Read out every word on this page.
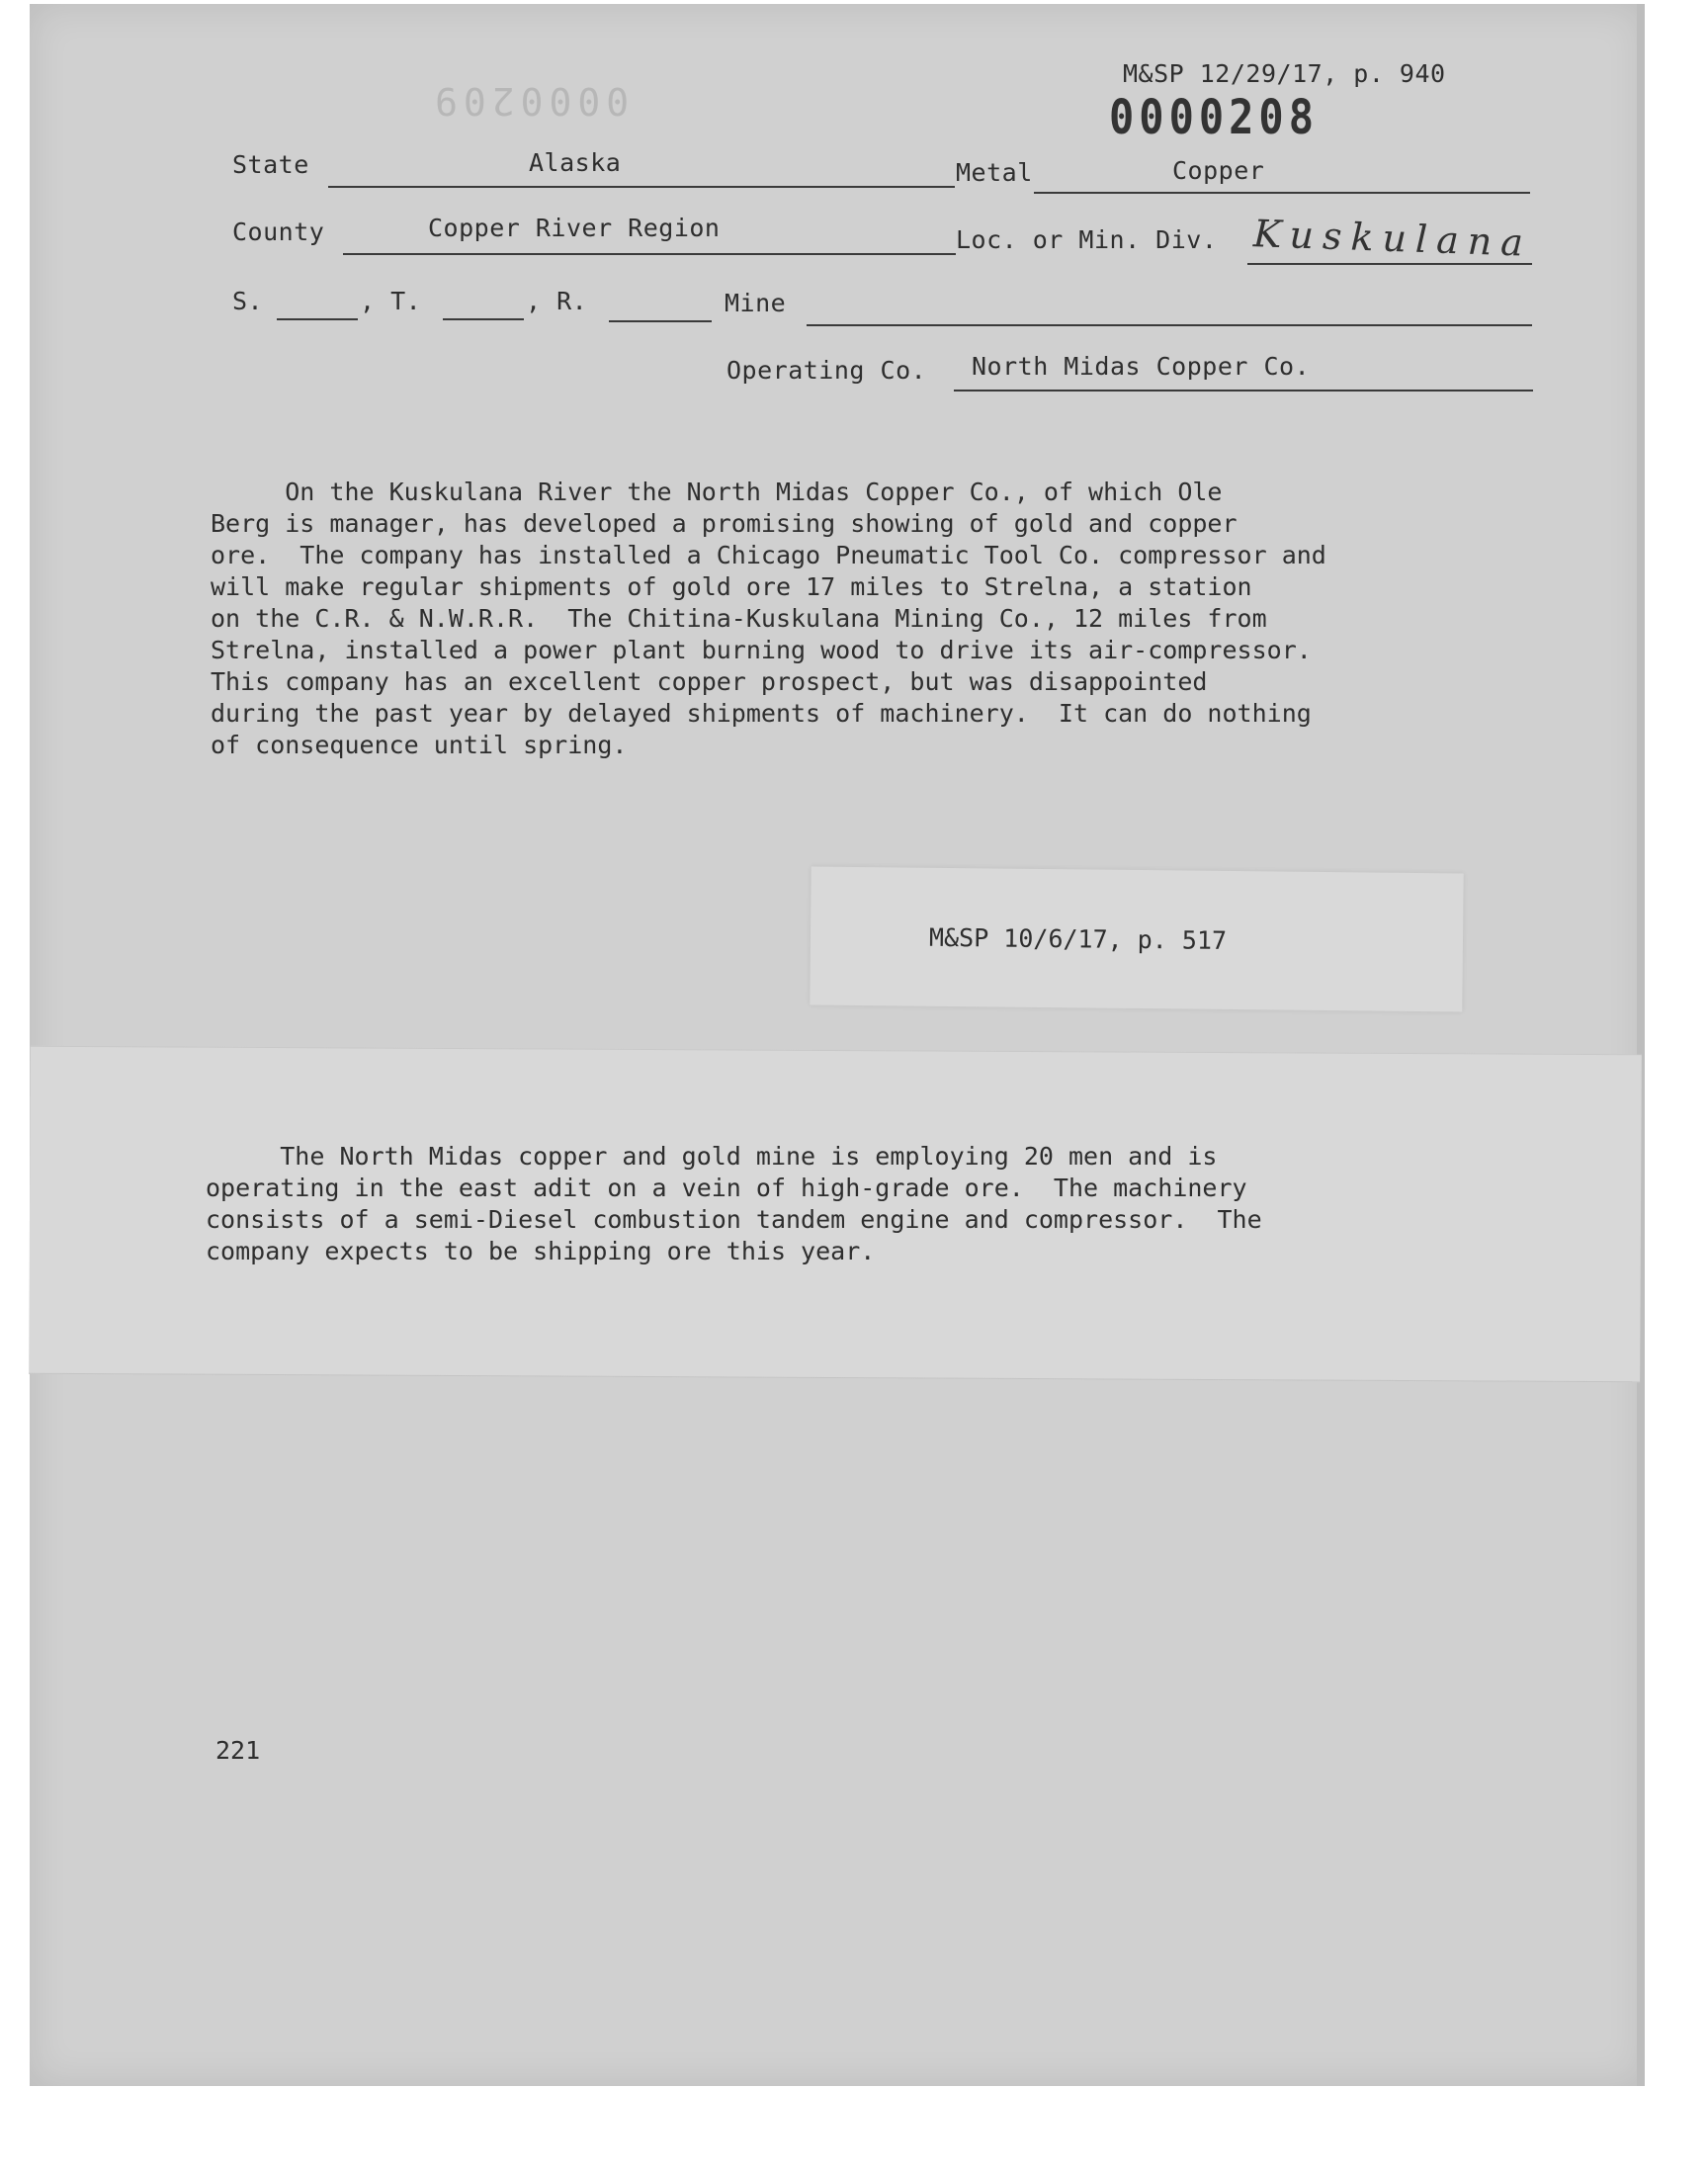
M&SP 12/29/17, p. 940
0000209	0000208
State	Alaska	Metal	Copper
County	Copper River Region	Loc. or Min. Div. Kuskulana
S.	, T.	, R.	Mine
Operating Co. North Midas Copper Co.
On the Kuskulana River the North Midas Copper Co., of which Ole
Berg is manager, has developed a promising showing of gold and copper
ore.  The company has installed a Chicago Pneumatic Tool Co. compressor and
will make regular shipments of gold ore 17 miles to Strelna, a station
on the C.R. & N.W.R.R.  The Chitina-Kuskulana Mining Co., 12 miles from
Strelna, installed a power plant burning wood to drive its air-compressor.
This company has an excellent copper prospect, but was disappointed
during the past year by delayed shipments of machinery.  It can do nothing
of consequence until spring.
M&SP 10/6/17, p. 517
The North Midas copper and gold mine is employing 20 men and is
operating in the east adit on a vein of high-grade ore.  The machinery
consists of a semi-Diesel combustion tandem engine and compressor.  The
company expects to be shipping ore this year.
221
